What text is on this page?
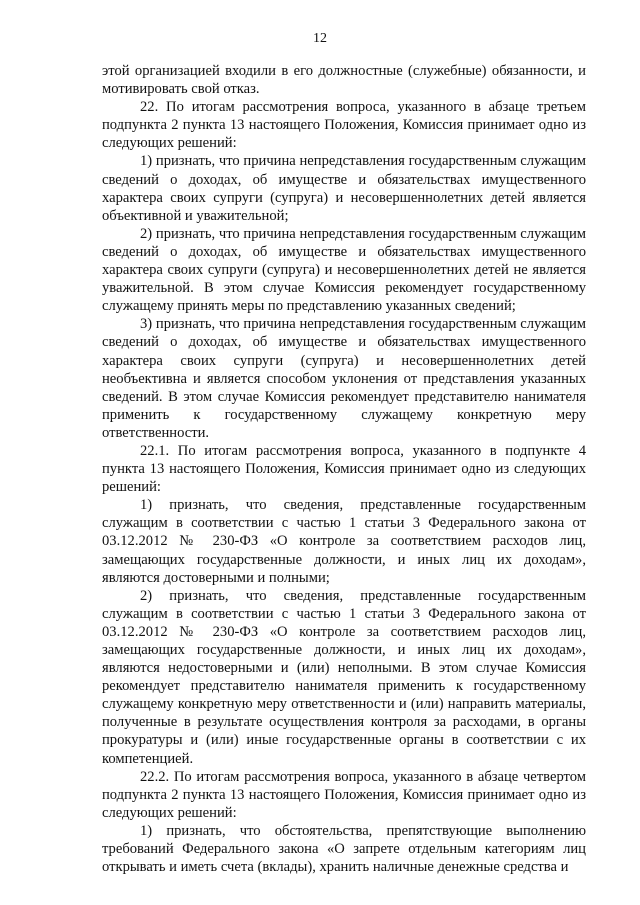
12

этой организацией входили в его должностные (служебные) обязанности, и мотивировать свой отказ.

22. По итогам рассмотрения вопроса, указанного в абзаце третьем подпункта 2 пункта 13 настоящего Положения, Комиссия принимает одно из следующих решений:

1) признать, что причина непредставления государственным служащим сведений о доходах, об имуществе и обязательствах имущественного характера своих супруги (супруга) и несовершеннолетних детей является объективной и уважительной;

2) признать, что причина непредставления государственным служащим сведений о доходах, об имуществе и обязательствах имущественного характера своих супруги (супруга) и несовершеннолетних детей не является уважительной. В этом случае Комиссия рекомендует государственному служащему принять меры по представлению указанных сведений;

3) признать, что причина непредставления государственным служащим сведений о доходах, об имуществе и обязательствах имущественного характера своих супруги (супруга) и несовершеннолетних детей необъективна и является способом уклонения от представления указанных сведений. В этом случае Комиссия рекомендует представителю нанимателя применить к государственному служащему конкретную меру ответственности.

22.1. По итогам рассмотрения вопроса, указанного в подпункте 4 пункта 13 настоящего Положения, Комиссия принимает одно из следующих решений:

1) признать, что сведения, представленные государственным служащим в соответствии с частью 1 статьи 3 Федерального закона от 03.12.2012 № 230-ФЗ «О контроле за соответствием расходов лиц, замещающих государственные должности, и иных лиц их доходам», являются достоверными и полными;

2) признать, что сведения, представленные государственным служащим в соответствии с частью 1 статьи 3 Федерального закона от 03.12.2012 № 230-ФЗ «О контроле за соответствием расходов лиц, замещающих государственные должности, и иных лиц их доходам», являются недостоверными и (или) неполными. В этом случае Комиссия рекомендует представителю нанимателя применить к государственному служащему конкретную меру ответственности и (или) направить материалы, полученные в результате осуществления контроля за расходами, в органы прокуратуры и (или) иные государственные органы в соответствии с их компетенцией.

22.2. По итогам рассмотрения вопроса, указанного в абзаце четвертом подпункта 2 пункта 13 настоящего Положения, Комиссия принимает одно из следующих решений:

1) признать, что обстоятельства, препятствующие выполнению требований Федерального закона «О запрете отдельным категориям лиц открывать и иметь счета (вклады), хранить наличные денежные средства и
